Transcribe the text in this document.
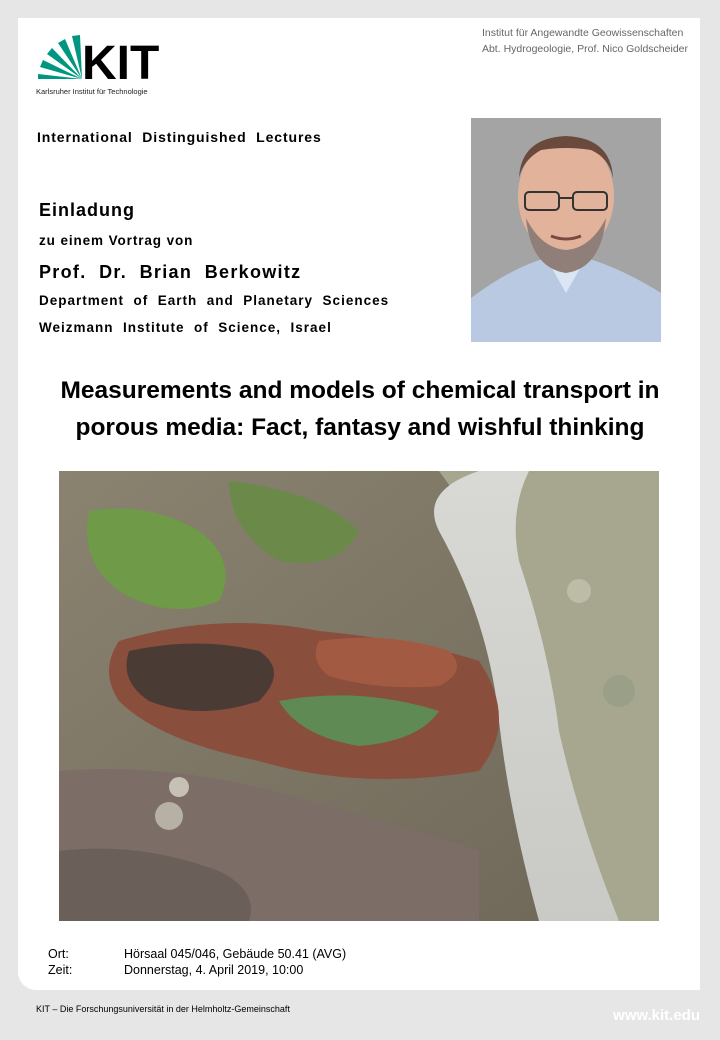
KIT
Karlsruher Institut für Technologie
Institut für Angewandte Geowissenschaften
Abt. Hydrogeologie, Prof. Nico Goldscheider
International  Distinguished  Lectures
Einladung
zu einem Vortrag von
Prof.  Dr.  Brian  Berkowitz
Department  of  Earth  and  Planetary  Sciences
Weizmann  Institute  of  Science,  Israel
Measurements and models of chemical transport in
porous media: Fact, fantasy and wishful thinking
Ort:	Hörsaal 045/046, Gebäude 50.41 (AVG)
Zeit:	Donnerstag, 4. April 2019, 10:00
KIT – Die Forschungsuniversität in der Helmholtz-Gemeinschaft	www.kit.edu
